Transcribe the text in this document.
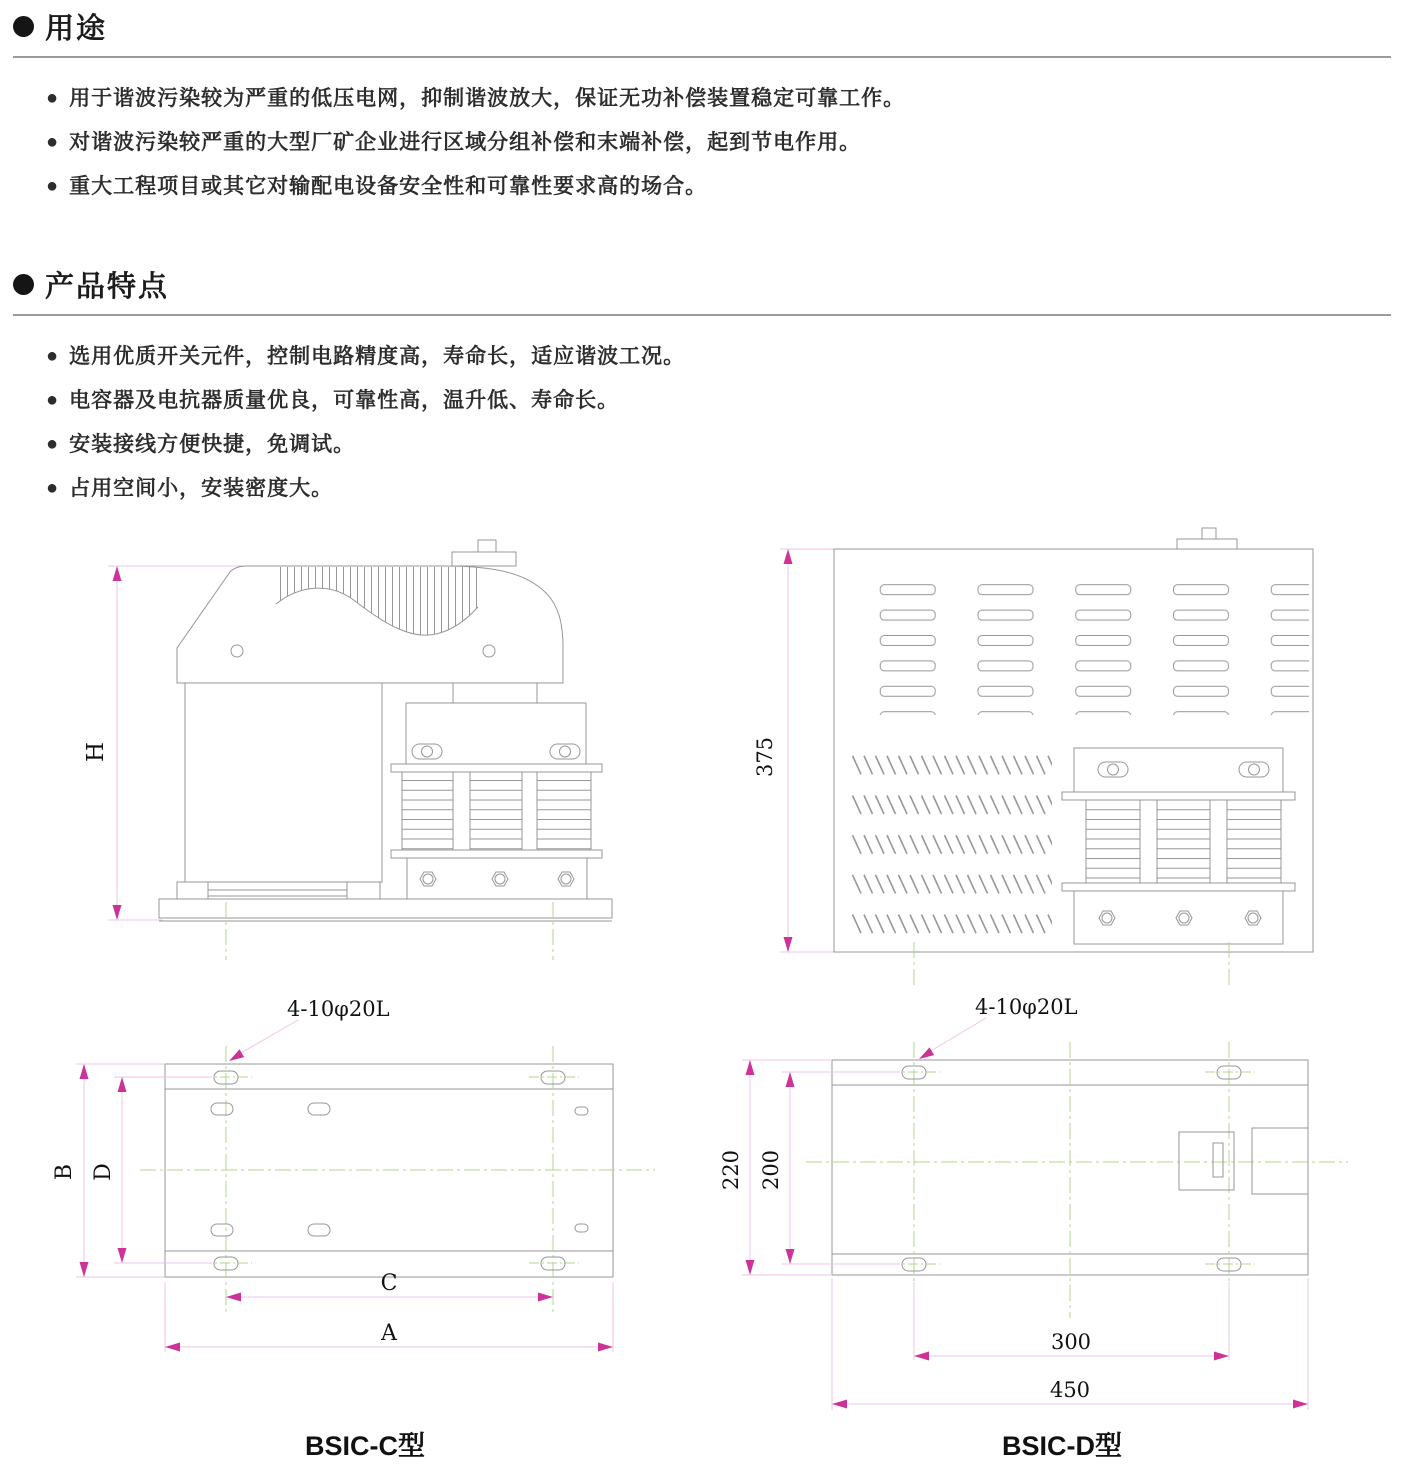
用途
● 用于谐波污染较为严重的低压电网，抑制谐波放大，保证无功补偿装置稳定可靠工作。
● 对谐波污染较严重的大型厂矿企业进行区域分组补偿和末端补偿，起到节电作用。
● 重大工程项目或其它对输配电设备安全性和可靠性要求高的场合。
产品特点
● 选用优质开关元件，控制电路精度高，寿命长，适应谐波工况。
● 电容器及电抗器质量优良，可靠性高，温升低、寿命长。
● 安装接线方便快捷，免调试。
● 占用空间小，安装密度大。
H	375
4-10φ20L
B D
C
A
4-10φ20L
220 200
300
450
BSIC-C型	BSIC-D型
